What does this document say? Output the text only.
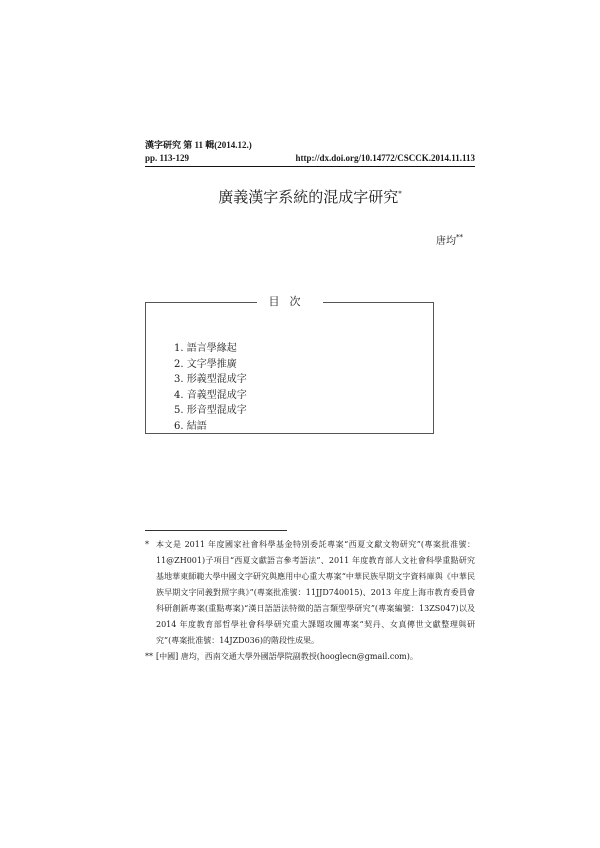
漢字研究 第 11 輯(2014.12.)
pp. 113-129	http://dx.doi.org/10.14772/CSCCK.2014.11.113
廣義漢字系統的混成字研究*
唐均**
目次
1. 語言學緣起
2. 文字學推廣
3. 形義型混成字
4. 音義型混成字
5. 形音型混成字
6. 結語
* 本文是 2011 年度國家社會科學基金特別委託專案“西夏文獻文物研究”(專案批准號：11@ZH001)子項目“西夏文獻語言參考語法”、2011 年度教育部人文社會科學重點研究基地華東師範大學中國文字研究與應用中心重大專案“中華民族早期文字資料庫與《中華民族早期文字同義對照字典》”(專案批准號：11JJD740015)、2013 年度上海市教育委員會科研創新專案(重點專案)“漢日語語法特徵的語言類型學研究”(專案編號：13ZS047)以及 2014 年度教育部哲學社會科學研究重大課題攻關專案“契丹、女真傳世文獻整理與研究”(專案批准號：14JZD036)的階段性成果。
** [中國] 唐均，西南交通大學外國語學院副教授(hooglecn@gmail.com)。
